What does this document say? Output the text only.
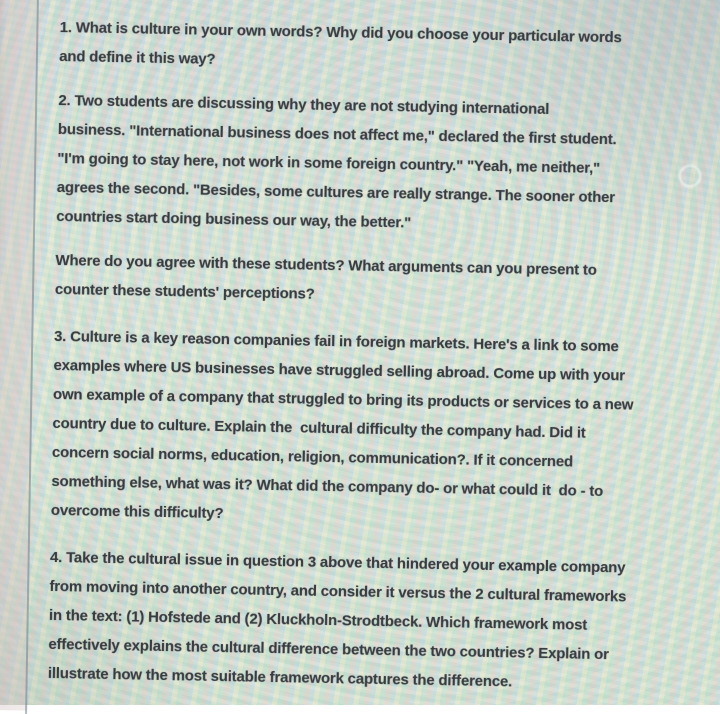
1. What is culture in your own words? Why did you choose your particular words
and define it this way?
2. Two students are discussing why they are not studying international
business. "International business does not affect me," declared the first student.
"I'm going to stay here, not work in some foreign country." "Yeah, me neither,"
agrees the second. "Besides, some cultures are really strange. The sooner other
countries start doing business our way, the better."
Where do you agree with these students? What arguments can you present to
counter these students' perceptions?
3. Culture is a key reason companies fail in foreign markets. Here's a link to some
examples where US businesses have struggled selling abroad. Come up with your
own example of a company that struggled to bring its products or services to a new
country due to culture. Explain the  cultural difficulty the company had. Did it
concern social norms, education, religion, communication?. If it concerned
something else, what was it? What did the company do- or what could it  do - to
overcome this difficulty?
4. Take the cultural issue in question 3 above that hindered your example company
from moving into another country, and consider it versus the 2 cultural frameworks
in the text: (1) Hofstede and (2) Kluckholn-Strodtbeck. Which framework most
effectively explains the cultural difference between the two countries? Explain or
illustrate how the most suitable framework captures the difference.
